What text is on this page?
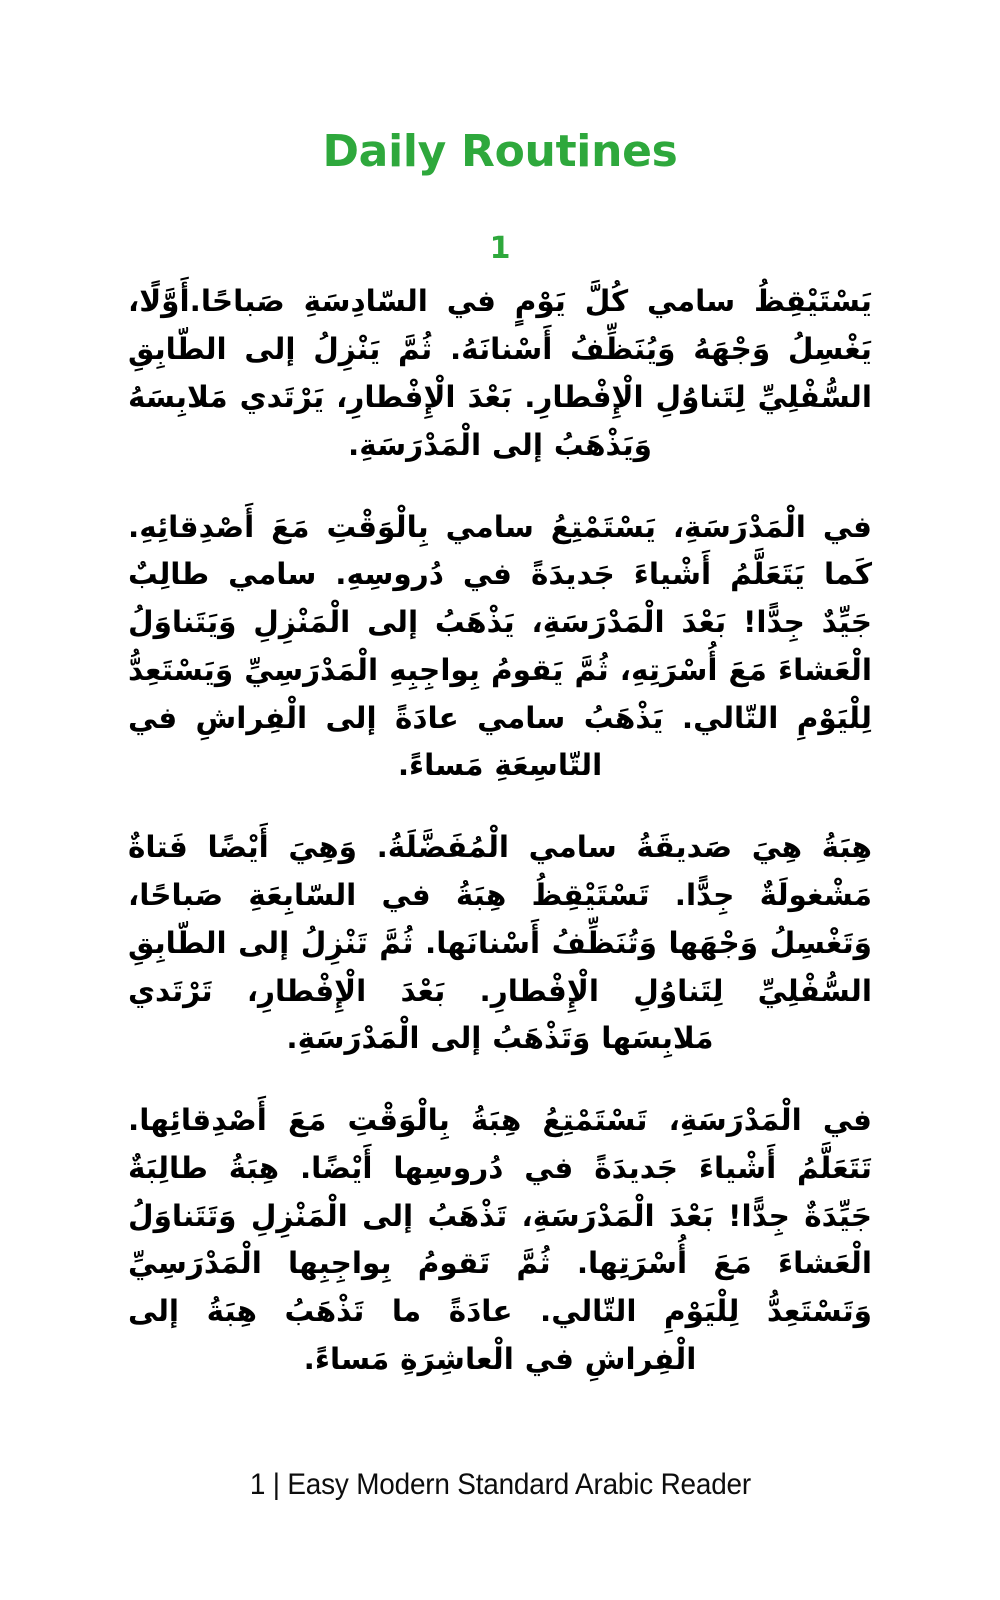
Daily Routines
1

يَسْتَيْقِظُ سامي كُلَّ يَوْمٍ في السّادِسَةِ صَباحًا.أَوَّلًا، يَغْسِلُ وَجْهَهُ وَيُنَظِّفُ أَسْنانَهُ. ثُمَّ يَنْزِلُ إلى الطّابِقِ السُّفْلِيِّ لِتَناوُلِ الْإِفْطارِ. بَعْدَ الْإِفْطارِ، يَرْتَدي مَلابِسَهُ وَيَذْهَبُ إلى الْمَدْرَسَةِ.

في الْمَدْرَسَةِ، يَسْتَمْتِعُ سامي بِالْوَقْتِ مَعَ أَصْدِقائِهِ. كَما يَتَعَلَّمُ أَشْياءَ جَديدَةً في دُروسِهِ. سامي طالِبٌ جَيِّدٌ جِدًّا! بَعْدَ الْمَدْرَسَةِ، يَذْهَبُ إلى الْمَنْزِلِ وَيَتَناوَلُ الْعَشاءَ مَعَ أُسْرَتِهِ، ثُمَّ يَقومُ بِواجِبِهِ الْمَدْرَسِيِّ وَيَسْتَعِدُّ لِلْيَوْمِ التّالي. يَذْهَبُ سامي عادَةً إلى الْفِراشِ في التّاسِعَةِ مَساءً.

هِبَةُ هِيَ صَديقَةُ سامي الْمُفَضَّلَةُ. وَهِيَ أَيْضًا فَتاةٌ مَشْغولَةٌ جِدًّا. تَسْتَيْقِظُ هِبَةُ في السّابِعَةِ صَباحًا، وَتَغْسِلُ وَجْهَها وَتُنَظِّفُ أَسْنانَها. ثُمَّ تَنْزِلُ إلى الطّابِقِ السُّفْلِيِّ لِتَناوُلِ الْإِفْطارِ. بَعْدَ الْإِفْطارِ، تَرْتَدي مَلابِسَها وَتَذْهَبُ إلى الْمَدْرَسَةِ.

في الْمَدْرَسَةِ، تَسْتَمْتِعُ هِبَةُ بِالْوَقْتِ مَعَ أَصْدِقائِها. تَتَعَلَّمُ أَشْياءَ جَديدَةً في دُروسِها أَيْضًا. هِبَةُ طالِبَةٌ جَيِّدَةٌ جِدًّا! بَعْدَ الْمَدْرَسَةِ، تَذْهَبُ إلى الْمَنْزِلِ وَتَتَناوَلُ الْعَشاءَ مَعَ أُسْرَتِها. ثُمَّ تَقومُ بِواجِبِها الْمَدْرَسِيِّ وَتَسْتَعِدُّ لِلْيَوْمِ التّالي. عادَةً ما تَذْهَبُ هِبَةُ إلى الْفِراشِ في الْعاشِرَةِ مَساءً.

1 | Easy Modern Standard Arabic Reader
